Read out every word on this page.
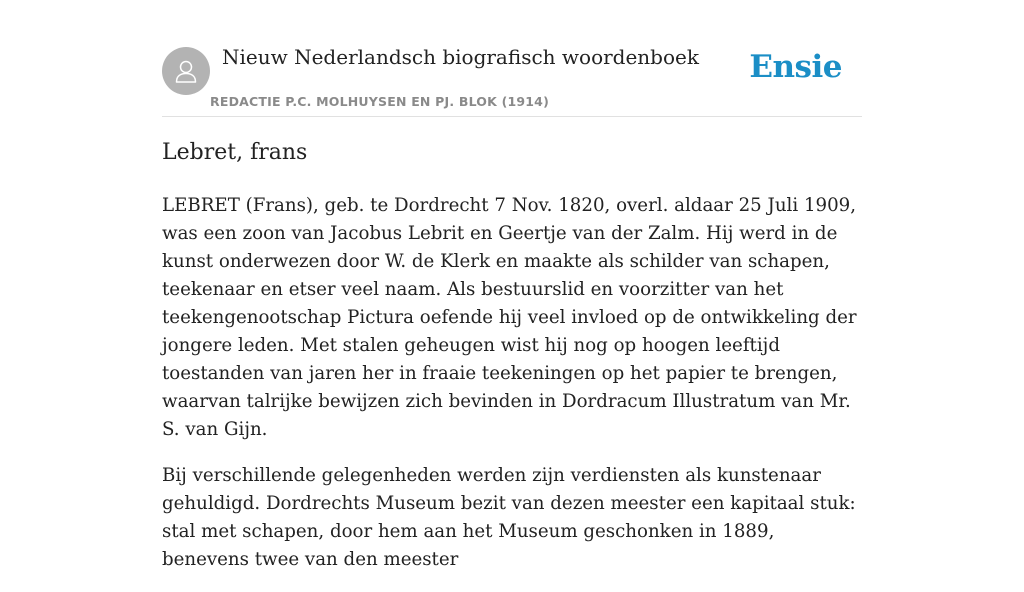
Nieuw Nederlandsch biografisch woordenboek
REDACTIE P.C. MOLHUYSEN EN PJ. BLOK (1914)
Ensie
Lebret, frans

LEBRET (Frans), geb. te Dordrecht 7 Nov. 1820, overl. aldaar 25 Juli 1909, was een zoon van Jacobus Lebrit en Geertje van der Zalm. Hij werd in de kunst onderwezen door W. de Klerk en maakte als schilder van schapen, teekenaar en etser veel naam. Als bestuurslid en voorzitter van het teekengenootschap Pictura oefende hij veel invloed op de ontwikkeling der jongere leden. Met stalen geheugen wist hij nog op hoogen leeftijd toestanden van jaren her in fraaie teekeningen op het papier te brengen, waarvan talrijke bewijzen zich bevinden in Dordracum Illustratum van Mr. S. van Gijn.

Bij verschillende gelegenheden werden zijn verdiensten als kunstenaar gehuldigd. Dordrechts Museum bezit van dezen meester een kapitaal stuk: stal met schapen, door hem aan het Museum geschonken in 1889, benevens twee van den meester
